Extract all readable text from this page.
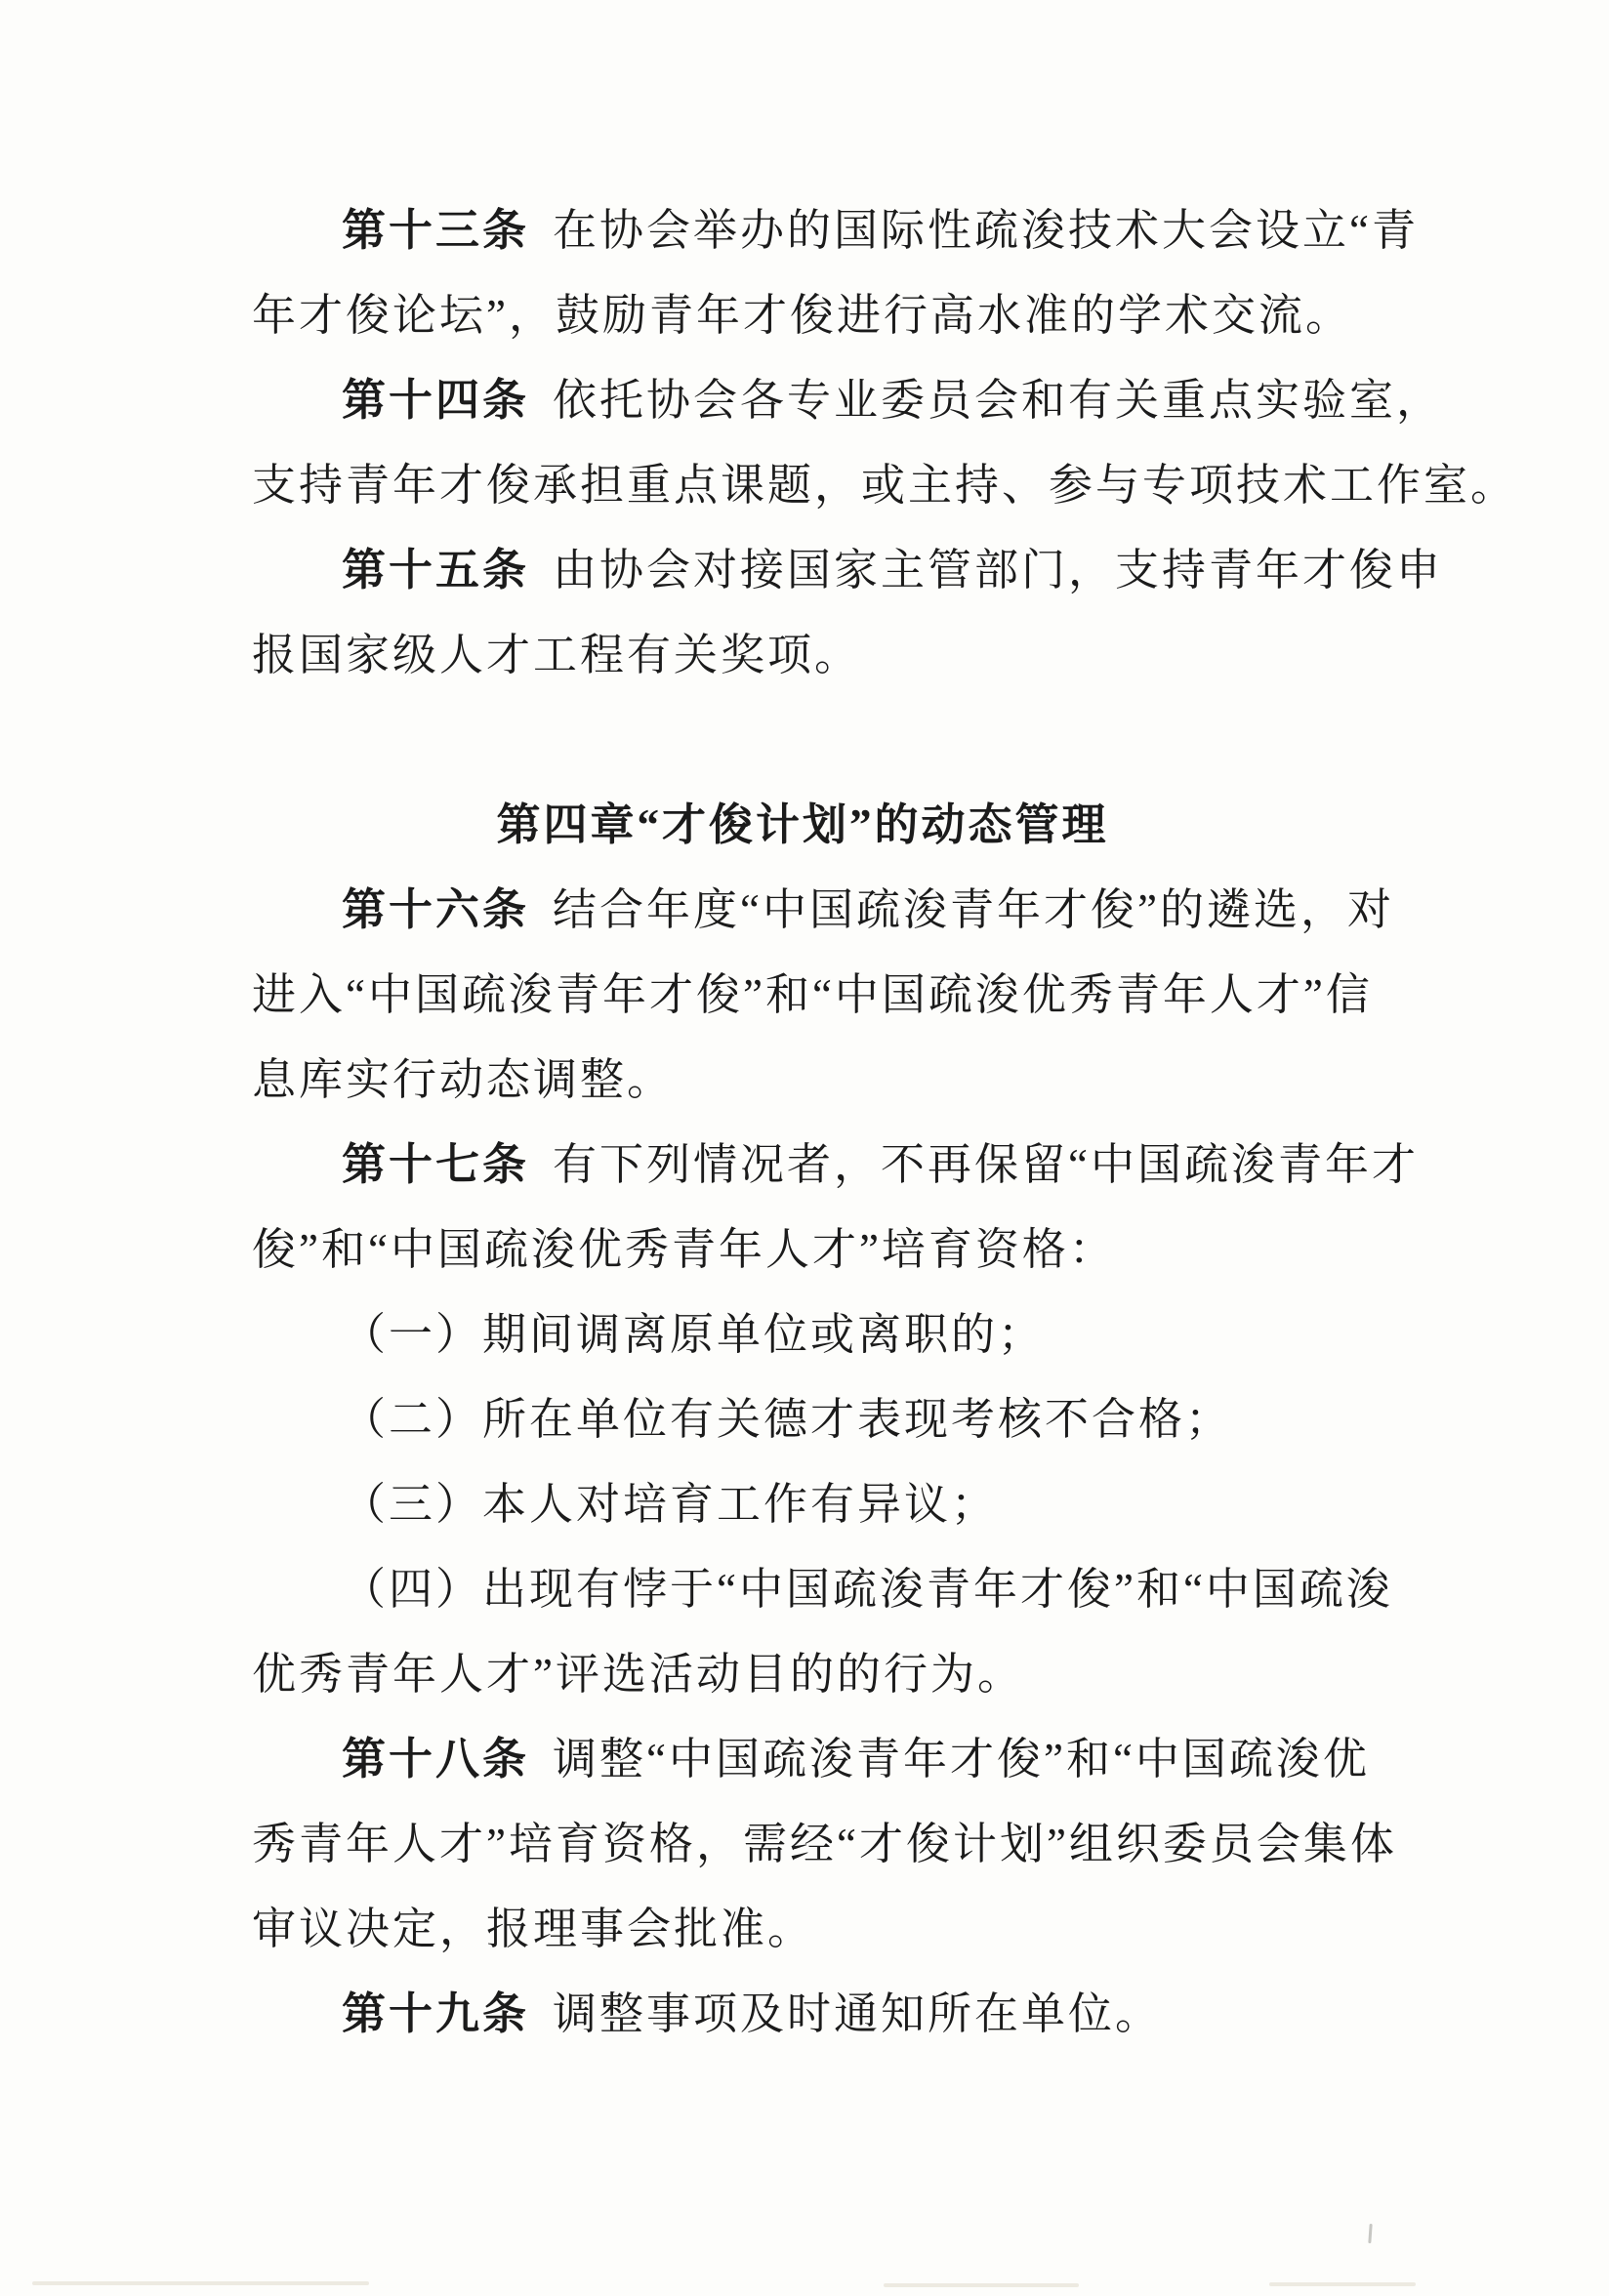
第十三条 在协会举办的国际性疏浚技术大会设立“青
年才俊论坛”，鼓励青年才俊进行高水准的学术交流。
第十四条 依托协会各专业委员会和有关重点实验室，
支持青年才俊承担重点课题，或主持、参与专项技术工作室。
第十五条 由协会对接国家主管部门，支持青年才俊申
报国家级人才工程有关奖项。
第四章“才俊计划”的动态管理
第十六条 结合年度“中国疏浚青年才俊”的遴选，对
进入“中国疏浚青年才俊”和“中国疏浚优秀青年人才”信
息库实行动态调整。
第十七条 有下列情况者，不再保留“中国疏浚青年才
俊”和“中国疏浚优秀青年人才”培育资格：
（一）期间调离原单位或离职的；
（二）所在单位有关德才表现考核不合格；
（三）本人对培育工作有异议；
（四）出现有悖于“中国疏浚青年才俊”和“中国疏浚
优秀青年人才”评选活动目的的行为。
第十八条 调整“中国疏浚青年才俊”和“中国疏浚优
秀青年人才”培育资格，需经“才俊计划”组织委员会集体
审议决定，报理事会批准。
第十九条 调整事项及时通知所在单位。
